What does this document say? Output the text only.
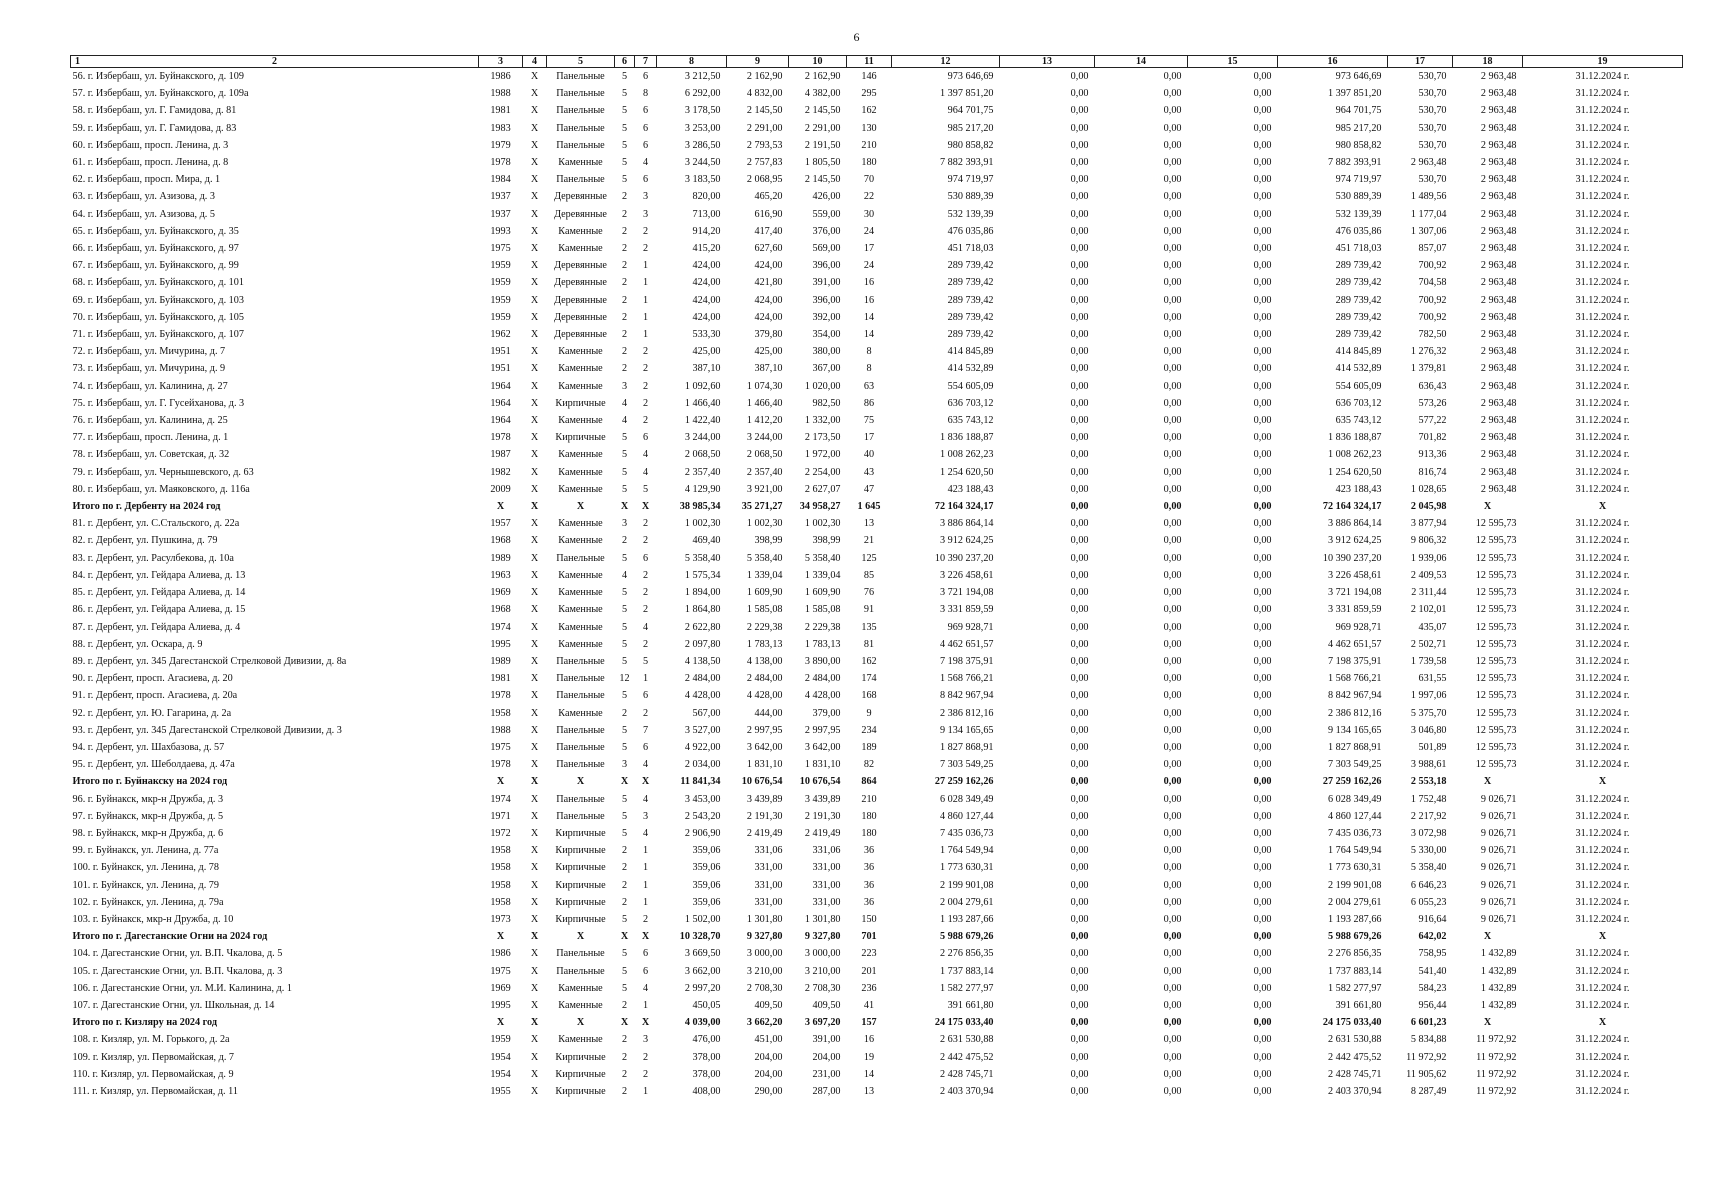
6
1 2	3	4	5	6	7	8	9	10	11	12	13	14	15	16	17	18	19
56. г. Избербаш, ул. Буйнакского, д. 109	1986	X	Панельные	5	6	3 212,50	2 162,90	2 162,90	146	973 646,69	0,00	0,00	0,00	973 646,69	530,70	2 963,48	31.12.2024 г.
57. г. Избербаш, ул. Буйнакского, д. 109а	1988	X	Панельные	5	8	6 292,00	4 832,00	4 382,00	295	1 397 851,20	0,00	0,00	0,00	1 397 851,20	530,70	2 963,48	31.12.2024 г.
58. г. Избербаш, ул. Г. Гамидова, д. 81	1981	X	Панельные	5	6	3 178,50	2 145,50	2 145,50	162	964 701,75	0,00	0,00	0,00	964 701,75	530,70	2 963,48	31.12.2024 г.
59. г. Избербаш, ул. Г. Гамидова, д. 83	1983	X	Панельные	5	6	3 253,00	2 291,00	2 291,00	130	985 217,20	0,00	0,00	0,00	985 217,20	530,70	2 963,48	31.12.2024 г.
60. г. Избербаш, просп. Ленина, д. 3	1979	X	Панельные	5	6	3 286,50	2 793,53	2 191,50	210	980 858,82	0,00	0,00	0,00	980 858,82	530,70	2 963,48	31.12.2024 г.
61. г. Избербаш, просп. Ленина, д. 8	1978	X	Каменные	5	4	3 244,50	2 757,83	1 805,50	180	7 882 393,91	0,00	0,00	0,00	7 882 393,91	2 963,48	2 963,48	31.12.2024 г.
62. г. Избербаш, просп. Мира, д. 1	1984	X	Панельные	5	6	3 183,50	2 068,95	2 145,50	70	974 719,97	0,00	0,00	0,00	974 719,97	530,70	2 963,48	31.12.2024 г.
63. г. Избербаш, ул. Азизова, д. 3	1937	X	Деревянные	2	3	820,00	465,20	426,00	22	530 889,39	0,00	0,00	0,00	530 889,39	1 489,56	2 963,48	31.12.2024 г.
64. г. Избербаш, ул. Азизова, д. 5	1937	X	Деревянные	2	3	713,00	616,90	559,00	30	532 139,39	0,00	0,00	0,00	532 139,39	1 177,04	2 963,48	31.12.2024 г.
65. г. Избербаш, ул. Буйнакского, д. 35	1993	X	Каменные	2	2	914,20	417,40	376,00	24	476 035,86	0,00	0,00	0,00	476 035,86	1 307,06	2 963,48	31.12.2024 г.
66. г. Избербаш, ул. Буйнакского, д. 97	1975	X	Каменные	2	2	415,20	627,60	569,00	17	451 718,03	0,00	0,00	0,00	451 718,03	857,07	2 963,48	31.12.2024 г.
67. г. Избербаш, ул. Буйнакского, д. 99	1959	X	Деревянные	2	1	424,00	424,00	396,00	24	289 739,42	0,00	0,00	0,00	289 739,42	700,92	2 963,48	31.12.2024 г.
68. г. Избербаш, ул. Буйнакского, д. 101	1959	X	Деревянные	2	1	424,00	421,80	391,00	16	289 739,42	0,00	0,00	0,00	289 739,42	704,58	2 963,48	31.12.2024 г.
69. г. Избербаш, ул. Буйнакского, д. 103	1959	X	Деревянные	2	1	424,00	424,00	396,00	16	289 739,42	0,00	0,00	0,00	289 739,42	700,92	2 963,48	31.12.2024 г.
70. г. Избербаш, ул. Буйнакского, д. 105	1959	X	Деревянные	2	1	424,00	424,00	392,00	14	289 739,42	0,00	0,00	0,00	289 739,42	700,92	2 963,48	31.12.2024 г.
71. г. Избербаш, ул. Буйнакского, д. 107	1962	X	Деревянные	2	1	533,30	379,80	354,00	14	289 739,42	0,00	0,00	0,00	289 739,42	782,50	2 963,48	31.12.2024 г.
72. г. Избербаш, ул. Мичурина, д. 7	1951	X	Каменные	2	2	425,00	425,00	380,00	8	414 845,89	0,00	0,00	0,00	414 845,89	1 276,32	2 963,48	31.12.2024 г.
73. г. Избербаш, ул. Мичурина, д. 9	1951	X	Каменные	2	2	387,10	387,10	367,00	8	414 532,89	0,00	0,00	0,00	414 532,89	1 379,81	2 963,48	31.12.2024 г.
74. г. Избербаш, ул. Калинина, д. 27	1964	X	Каменные	3	2	1 092,60	1 074,30	1 020,00	63	554 605,09	0,00	0,00	0,00	554 605,09	636,43	2 963,48	31.12.2024 г.
75. г. Избербаш, ул. Г. Гусейханова, д. 3	1964	X	Кирпичные	4	2	1 466,40	1 466,40	982,50	86	636 703,12	0,00	0,00	0,00	636 703,12	573,26	2 963,48	31.12.2024 г.
76. г. Избербаш, ул. Калинина, д. 25	1964	X	Каменные	4	2	1 422,40	1 412,20	1 332,00	75	635 743,12	0,00	0,00	0,00	635 743,12	577,22	2 963,48	31.12.2024 г.
77. г. Избербаш, просп. Ленина, д. 1	1978	X	Кирпичные	5	6	3 244,00	3 244,00	2 173,50	17	1 836 188,87	0,00	0,00	0,00	1 836 188,87	701,82	2 963,48	31.12.2024 г.
78. г. Избербаш, ул. Советская, д. 32	1987	X	Каменные	5	4	2 068,50	2 068,50	1 972,00	40	1 008 262,23	0,00	0,00	0,00	1 008 262,23	913,36	2 963,48	31.12.2024 г.
79. г. Избербаш, ул. Чернышевского, д. 63	1982	X	Каменные	5	4	2 357,40	2 357,40	2 254,00	43	1 254 620,50	0,00	0,00	0,00	1 254 620,50	816,74	2 963,48	31.12.2024 г.
80. г. Избербаш, ул. Маяковского, д. 116а	2009	X	Каменные	5	5	4 129,90	3 921,00	2 627,07	47	423 188,43	0,00	0,00	0,00	423 188,43	1 028,65	2 963,48	31.12.2024 г.
Итого по г. Дербенту на 2024 год	X	X	X	X	X	38 985,34	35 271,27	34 958,27	1 645	72 164 324,17	0,00	0,00	0,00	72 164 324,17	2 045,98	X	X
81. г. Дербент, ул. С.Стальского, д. 22а	1957	X	Каменные	3	2	1 002,30	1 002,30	1 002,30	13	3 886 864,14	0,00	0,00	0,00	3 886 864,14	3 877,94	12 595,73	31.12.2024 г.
82. г. Дербент, ул. Пушкина, д. 79	1968	X	Каменные	2	2	469,40	398,99	398,99	21	3 912 624,25	0,00	0,00	0,00	3 912 624,25	9 806,32	12 595,73	31.12.2024 г.
83. г. Дербент, ул. Расулбекова, д. 10а	1989	X	Панельные	5	6	5 358,40	5 358,40	5 358,40	125	10 390 237,20	0,00	0,00	0,00	10 390 237,20	1 939,06	12 595,73	31.12.2024 г.
84. г. Дербент, ул. Гейдара Алиева, д. 13	1963	X	Каменные	4	2	1 575,34	1 339,04	1 339,04	85	3 226 458,61	0,00	0,00	0,00	3 226 458,61	2 409,53	12 595,73	31.12.2024 г.
85. г. Дербент, ул. Гейдара Алиева, д. 14	1969	X	Каменные	5	2	1 894,00	1 609,90	1 609,90	76	3 721 194,08	0,00	0,00	0,00	3 721 194,08	2 311,44	12 595,73	31.12.2024 г.
86. г. Дербент, ул. Гейдара Алиева, д. 15	1968	X	Каменные	5	2	1 864,80	1 585,08	1 585,08	91	3 331 859,59	0,00	0,00	0,00	3 331 859,59	2 102,01	12 595,73	31.12.2024 г.
87. г. Дербент, ул. Гейдара Алиева, д. 4	1974	X	Каменные	5	4	2 622,80	2 229,38	2 229,38	135	969 928,71	0,00	0,00	0,00	969 928,71	435,07	12 595,73	31.12.2024 г.
88. г. Дербент, ул. Оскара, д. 9	1995	X	Каменные	5	2	2 097,80	1 783,13	1 783,13	81	4 462 651,57	0,00	0,00	0,00	4 462 651,57	2 502,71	12 595,73	31.12.2024 г.
89. г. Дербент, ул. 345 Дагестанской Стрелковой Дивизии, д. 8а	1989	X	Панельные	5	5	4 138,50	4 138,00	3 890,00	162	7 198 375,91	0,00	0,00	0,00	7 198 375,91	1 739,58	12 595,73	31.12.2024 г.
90. г. Дербент, просп. Агасиева, д. 20	1981	X	Панельные	12	1	2 484,00	2 484,00	2 484,00	174	1 568 766,21	0,00	0,00	0,00	1 568 766,21	631,55	12 595,73	31.12.2024 г.
91. г. Дербент, просп. Агасиева, д. 20а	1978	X	Панельные	5	6	4 428,00	4 428,00	4 428,00	168	8 842 967,94	0,00	0,00	0,00	8 842 967,94	1 997,06	12 595,73	31.12.2024 г.
92. г. Дербент, ул. Ю. Гагарина, д. 2а	1958	X	Каменные	2	2	567,00	444,00	379,00	9	2 386 812,16	0,00	0,00	0,00	2 386 812,16	5 375,70	12 595,73	31.12.2024 г.
93. г. Дербент, ул. 345 Дагестанской Стрелковой Дивизии, д. 3	1988	X	Панельные	5	7	3 527,00	2 997,95	2 997,95	234	9 134 165,65	0,00	0,00	0,00	9 134 165,65	3 046,80	12 595,73	31.12.2024 г.
94. г. Дербент, ул. Шахбазова, д. 57	1975	X	Панельные	5	6	4 922,00	3 642,00	3 642,00	189	1 827 868,91	0,00	0,00	0,00	1 827 868,91	501,89	12 595,73	31.12.2024 г.
95. г. Дербент, ул. Шеболдаева, д. 47а	1978	X	Панельные	3	4	2 034,00	1 831,10	1 831,10	82	7 303 549,25	0,00	0,00	0,00	7 303 549,25	3 988,61	12 595,73	31.12.2024 г.
Итого по г. Буйнакску на 2024 год	X	X	X	X	X	11 841,34	10 676,54	10 676,54	864	27 259 162,26	0,00	0,00	0,00	27 259 162,26	2 553,18	X	X
96. г. Буйнакск, мкр-н Дружба, д. 3	1974	X	Панельные	5	4	3 453,00	3 439,89	3 439,89	210	6 028 349,49	0,00	0,00	0,00	6 028 349,49	1 752,48	9 026,71	31.12.2024 г.
97. г. Буйнакск, мкр-н Дружба, д. 5	1971	X	Панельные	5	3	2 543,20	2 191,30	2 191,30	180	4 860 127,44	0,00	0,00	0,00	4 860 127,44	2 217,92	9 026,71	31.12.2024 г.
98. г. Буйнакск, мкр-н Дружба, д. 6	1972	X	Кирпичные	5	4	2 906,90	2 419,49	2 419,49	180	7 435 036,73	0,00	0,00	0,00	7 435 036,73	3 072,98	9 026,71	31.12.2024 г.
99. г. Буйнакск, ул. Ленина, д. 77а	1958	X	Кирпичные	2	1	359,06	331,06	331,06	36	1 764 549,94	0,00	0,00	0,00	1 764 549,94	5 330,00	9 026,71	31.12.2024 г.
100. г. Буйнакск, ул. Ленина, д. 78	1958	X	Кирпичные	2	1	359,06	331,00	331,00	36	1 773 630,31	0,00	0,00	0,00	1 773 630,31	5 358,40	9 026,71	31.12.2024 г.
101. г. Буйнакск, ул. Ленина, д. 79	1958	X	Кирпичные	2	1	359,06	331,00	331,00	36	2 199 901,08	0,00	0,00	0,00	2 199 901,08	6 646,23	9 026,71	31.12.2024 г.
102. г. Буйнакск, ул. Ленина, д. 79а	1958	X	Кирпичные	2	1	359,06	331,00	331,00	36	2 004 279,61	0,00	0,00	0,00	2 004 279,61	6 055,23	9 026,71	31.12.2024 г.
103. г. Буйнакск, мкр-н Дружба, д. 10	1973	X	Кирпичные	5	2	1 502,00	1 301,80	1 301,80	150	1 193 287,66	0,00	0,00	0,00	1 193 287,66	916,64	9 026,71	31.12.2024 г.
Итого по г. Дагестанские Огни на 2024 год	X	X	X	X	X	10 328,70	9 327,80	9 327,80	701	5 988 679,26	0,00	0,00	0,00	5 988 679,26	642,02	X	X
104. г. Дагестанские Огни, ул. В.П. Чкалова, д. 5	1986	X	Панельные	5	6	3 669,50	3 000,00	3 000,00	223	2 276 856,35	0,00	0,00	0,00	2 276 856,35	758,95	1 432,89	31.12.2024 г.
105. г. Дагестанские Огни, ул. В.П. Чкалова, д. 3	1975	X	Панельные	5	6	3 662,00	3 210,00	3 210,00	201	1 737 883,14	0,00	0,00	0,00	1 737 883,14	541,40	1 432,89	31.12.2024 г.
106. г. Дагестанские Огни, ул. М.И. Калинина, д. 1	1969	X	Каменные	5	4	2 997,20	2 708,30	2 708,30	236	1 582 277,97	0,00	0,00	0,00	1 582 277,97	584,23	1 432,89	31.12.2024 г.
107. г. Дагестанские Огни, ул. Школьная, д. 14	1995	X	Каменные	2	1	450,05	409,50	409,50	41	391 661,80	0,00	0,00	0,00	391 661,80	956,44	1 432,89	31.12.2024 г.
Итого по г. Кизляру на 2024 год	X	X	X	X	X	4 039,00	3 662,20	3 697,20	157	24 175 033,40	0,00	0,00	0,00	24 175 033,40	6 601,23	X	X
108. г. Кизляр, ул. М. Горького, д. 2а	1959	X	Каменные	2	3	476,00	451,00	391,00	16	2 631 530,88	0,00	0,00	0,00	2 631 530,88	5 834,88	11 972,92	31.12.2024 г.
109. г. Кизляр, ул. Первомайская, д. 7	1954	X	Кирпичные	2	2	378,00	204,00	204,00	19	2 442 475,52	0,00	0,00	0,00	2 442 475,52	11 972,92	11 972,92	31.12.2024 г.
110. г. Кизляр, ул. Первомайская, д. 9	1954	X	Кирпичные	2	2	378,00	204,00	231,00	14	2 428 745,71	0,00	0,00	0,00	2 428 745,71	11 905,62	11 972,92	31.12.2024 г.
111. г. Кизляр, ул. Первомайская, д. 11	1955	X	Кирпичные	2	1	408,00	290,00	287,00	13	2 403 370,94	0,00	0,00	0,00	2 403 370,94	8 287,49	11 972,92	31.12.2024 г.
